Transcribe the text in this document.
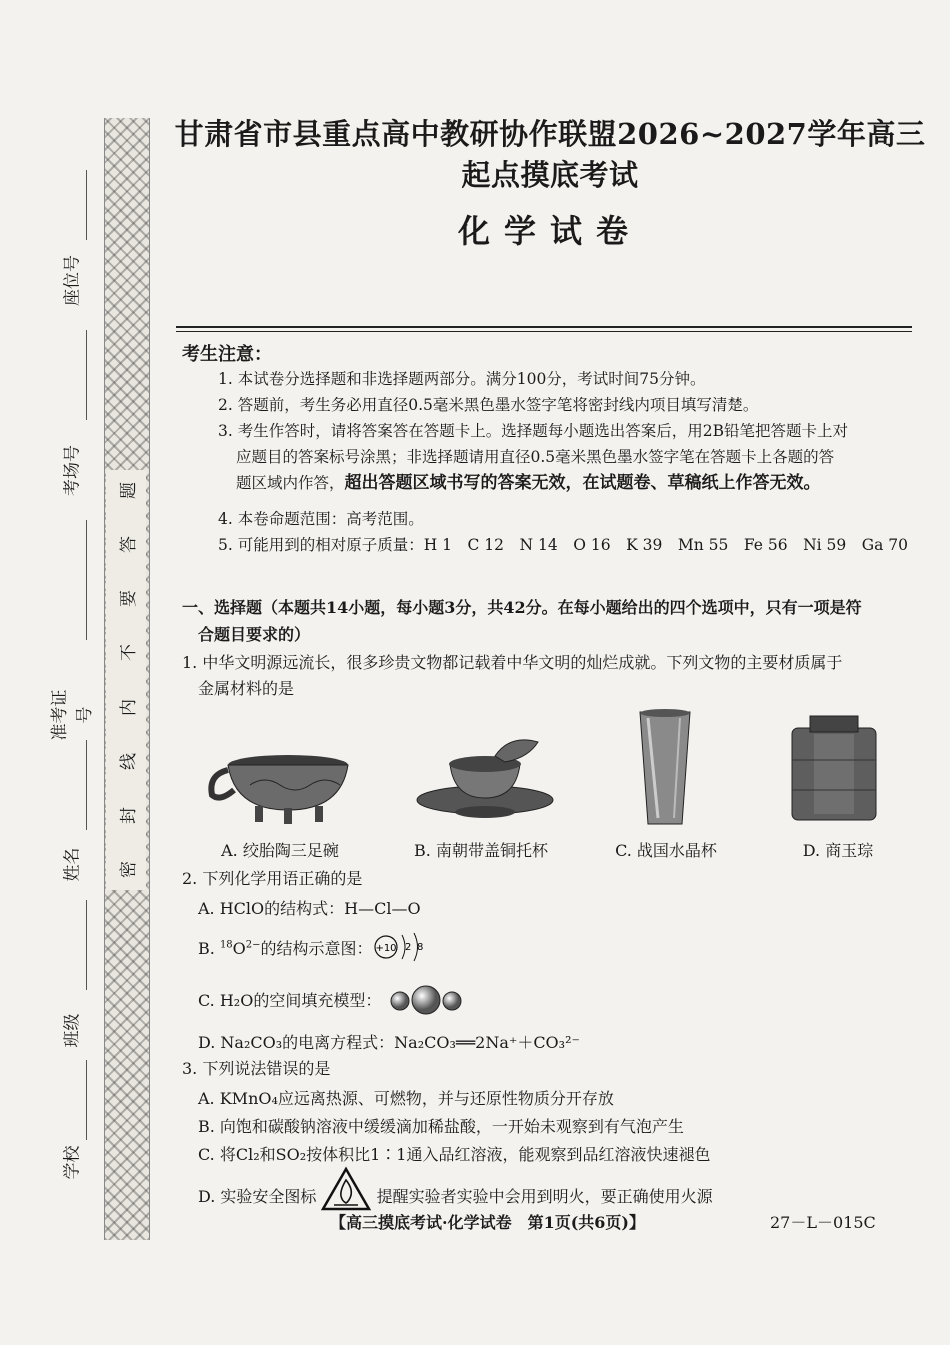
题
答
要
不
内
线
封
密
座位号
考场号
准考证号
姓名
班级
学校
甘肃省市县重点高中教研协作联盟2026~2027学年高三起点摸底考试
化学试卷
考生注意：
1. 本试卷分选择题和非选择题两部分。满分100分，考试时间75分钟。
2. 答题前，考生务必用直径0.5毫米黑色墨水签字笔将密封线内项目填写清楚。
3. 考生作答时，请将答案答在答题卡上。选择题每小题选出答案后，用2B铅笔把答题卡上对
应题目的答案标号涂黑；非选择题请用直径0.5毫米黑色墨水签字笔在答题卡上各题的答
题区域内作答，超出答题区域书写的答案无效，在试题卷、草稿纸上作答无效。
4. 本卷命题范围：高考范围。
5. 可能用到的相对原子质量：H 1　C 12　N 14　O 16　K 39　Mn 55　Fe 56　Ni 59　Ga 70
一、选择题（本题共14小题，每小题3分，共42分。在每小题给出的四个选项中，只有一项是符
合题目要求的）
1. 中华文明源远流长，很多珍贵文物都记载着中华文明的灿烂成就。下列文物的主要材质属于
金属材料的是
A. 绞胎陶三足碗	B. 南朝带盖铜托杯	C. 战国水晶杯	D. 商玉琮
2. 下列化学用语正确的是
A. HClO的结构式：H—Cl—O
B. $^{18}O^{2-}$的结构示意图： +10 2 8
C. H₂O的空间填充模型：
D. Na₂CO₃的电离方程式：Na₂CO₃══2Na⁺＋CO₃²⁻
3. 下列说法错误的是
A. KMnO₄应远离热源、可燃物，并与还原性物质分开存放
B. 向饱和碳酸钠溶液中缓缓滴加稀盐酸，一开始未观察到有气泡产生
C. 将Cl₂和SO₂按体积比1∶1通入品红溶液，能观察到品红溶液快速褪色
D. 实验安全图标	提醒实验者实验中会用到明火，要正确使用火源
【高三摸底考试·化学试卷　第1页(共6页)】	27－L－015C
